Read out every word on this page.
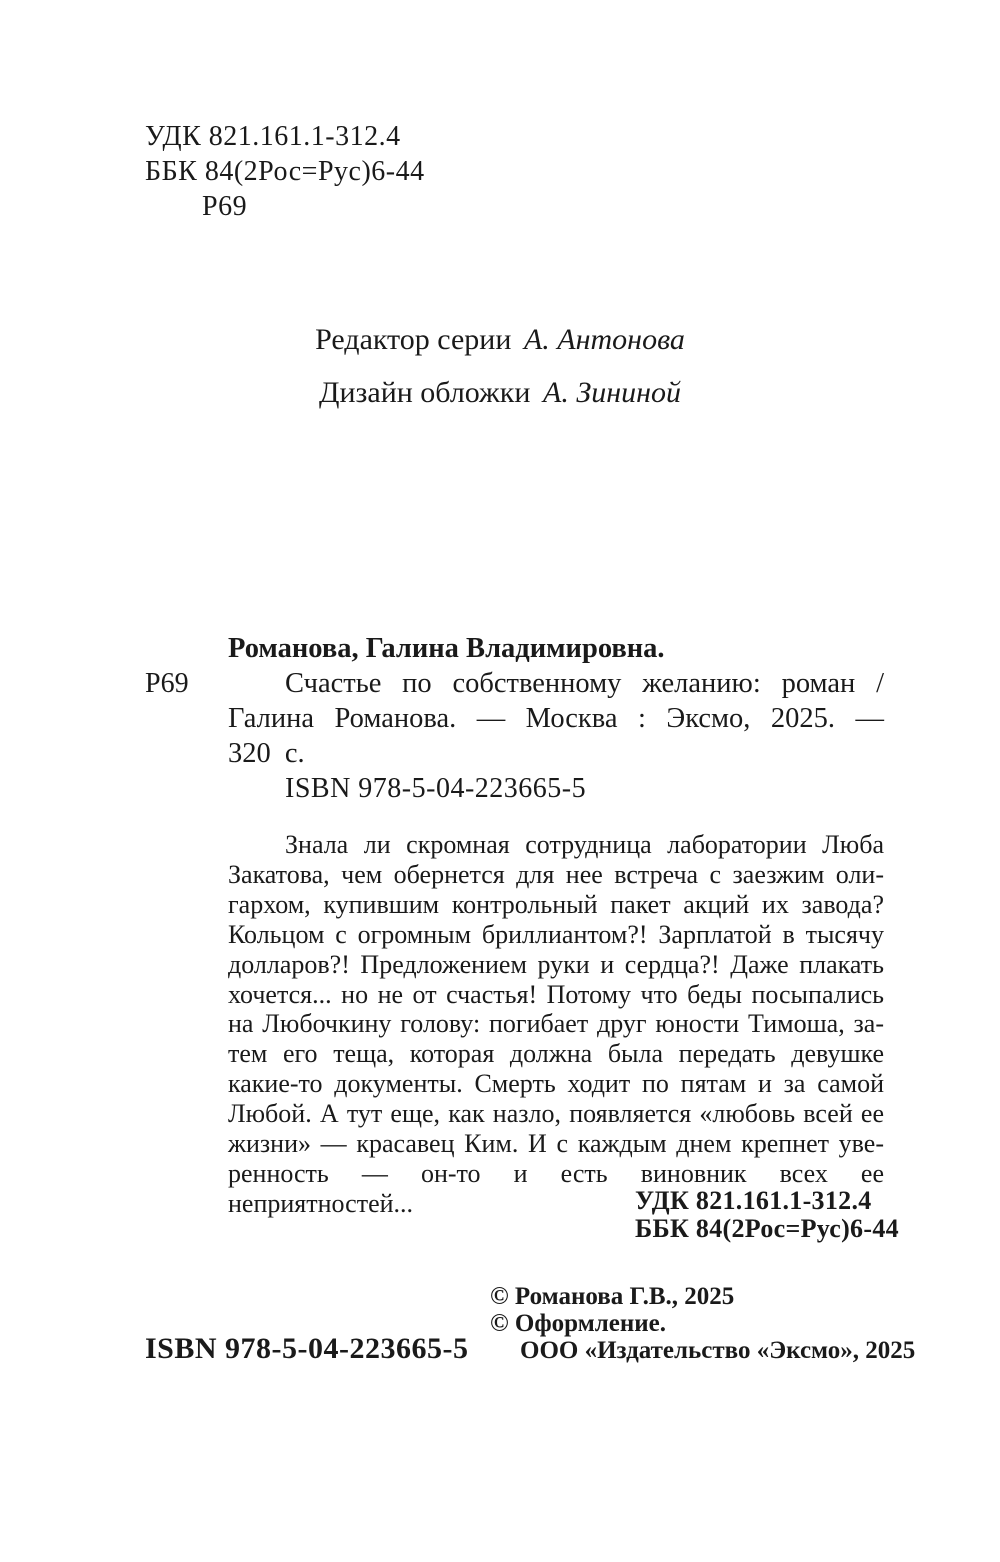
УДК 821.161.1-312.4
ББК 84(2Рос=Рус)6-44
Р69
Редактор серии А. Антонова
Дизайн обложки А. Зининой
Р69
Романова, Галина Владимировна.
Счастье по собственному желанию: роман /
Галина Романова. — Москва : Эксмо, 2025. —
320 с.
ISBN 978-5-04-223665-5
Знала ли скромная сотрудница лаборатории Люба
Закатова, чем обернется для нее встреча с заезжим оли-
гархом, купившим контрольный пакет акций их завода?
Кольцом с огромным бриллиантом?! Зарплатой в тысячу
долларов?! Предложением руки и сердца?! Даже плакать
хочется... но не от счастья! Потому что беды посыпались
на Любочкину голову: погибает друг юности Тимоша, за-
тем его теща, которая должна была передать девушке
какие-то документы. Смерть ходит по пятам и за самой
Любой. А тут еще, как назло, появляется «любовь всей ее
жизни» — красавец Ким. И с каждым днем крепнет уве-
ренность — он-то и есть виновник всех ее неприятностей...	УДК 821.161.1-312.4
ББК 84(2Рос=Рус)6-44
© Романова Г.В., 2025
© Оформление.
ООО «Издательство «Эксмо», 2025
ISBN 978-5-04-223665-5
